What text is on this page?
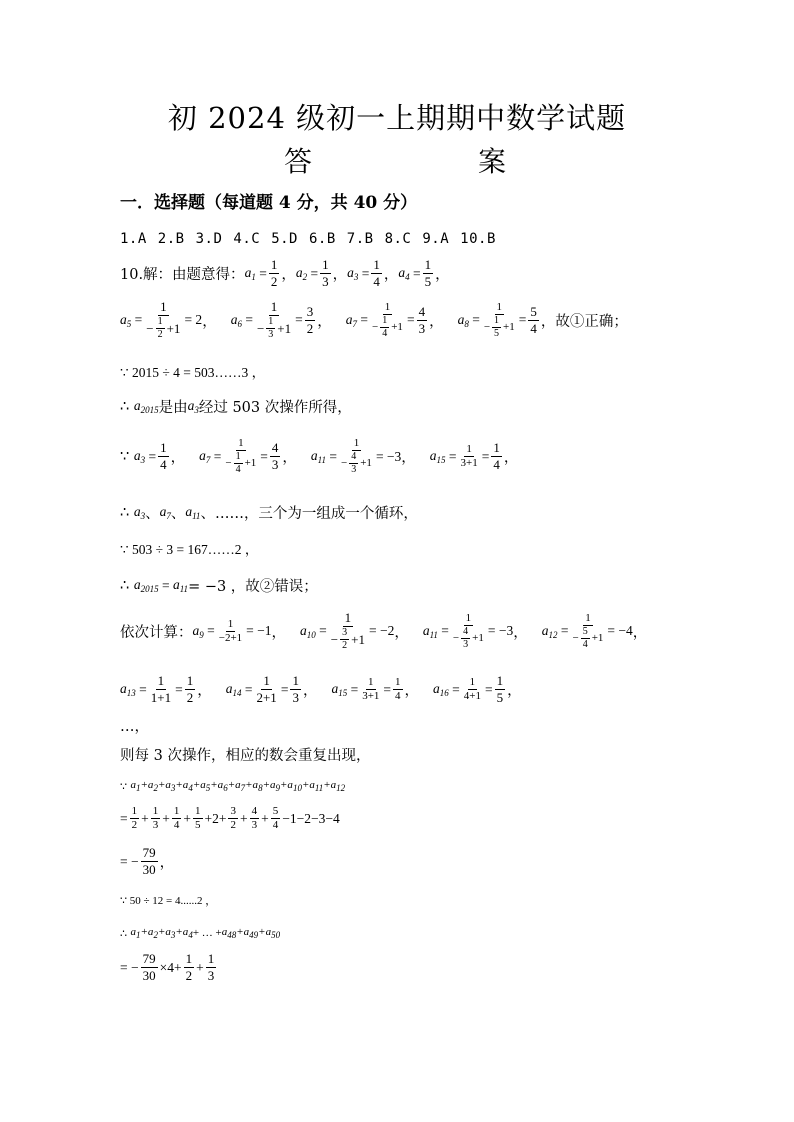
初 2024 级初一上期期中数学试题
答	案
一．选择题（每道题 4 分，共 40 分）
1.A 2.B 3.D 4.C 5.D 6.B 7.B 8.C 9.A 10.B
10.解：由题意得： $a_1 = \frac{1}{2}$ ， $a_2 = \frac{1}{3}$ ， $a_3 = \frac{1}{4}$ ， $a_4 = \frac{1}{5}$ ，
$a_5 = \frac{1}{- \frac{1}{2} +1} = 2$ ， $a_6 = \frac{1}{- \frac{1}{3} +1} = \frac{3}{2}$ ， $a_7 = \frac{1}{- \frac{1}{4} +1} = \frac{4}{3}$ ， $a_8 = \frac{1}{- \frac{1}{5} +1} = \frac{5}{4}$ ，故①正确；
∵ 2015 ÷ 4 = 503……3 ，
∴
$a_{2015}$ 是由 $a_3$ 经过 503 次操作所得，
∵
$a_3 = \frac{1}{4}$ ， $a_7 = \frac{1}{- \frac{1}{4} +1} = \frac{4}{3}$ ， $a_{11} = \frac{1}{- \frac{4}{3} +1} = -3$ ， $a_{15} = \frac{1}{3+1} = \frac{1}{4}$ ，
∴
$a_3$ 、 $a_7$ 、 $a_{11}$ 、 ……，三个为一组成一个循环，
∵ 503 ÷ 3 = 167……2 ，
∴
$a_{2015} = a_{11} = -3$ ，故②错误；
依次计算： $a_9 = \frac{1}{-2+1} = -1$ ， $a_{10} = \frac{1}{- \frac{3}{2} +1} = -2$ ， $a_{11} = \frac{1}{- \frac{4}{3} +1} = -3$ ， $a_{12} = \frac{1}{- \frac{5}{4} +1} = -4$ ，
$a_{13} = \frac{1}{1+1} = \frac{1}{2}$ ， $a_{14} = \frac{1}{2+1} = \frac{1}{3}$ ， $a_{15} = \frac{1}{3+1} = \frac{1}{4}$ ， $a_{16} = \frac{1}{4+1} = \frac{1}{5}$ ，
…，
则每 3 次操作，相应的数会重复出现，
∵
$a_1+a_2+a_3+a_4+a_5+a_6+a_7+a_8+a_9+a_{10}+a_{11}+a_{12}$
= $\frac{1}{2} + \frac{1}{3} + \frac{1}{4} + \frac{1}{5} +2+ \frac{3}{2} + \frac{4}{3} + \frac{5}{4} -1-2-3-4$
= − $\frac{79}{30}$ ，
∵ 50 ÷ 12 = 4......2 ，
∴
$a_1+a_2+a_3+a_4$ + … + $a_{48}+a_{49}+a_{50}$
= − $\frac{79}{30} \times 4+ \frac{1}{2} + \frac{1}{3}$
